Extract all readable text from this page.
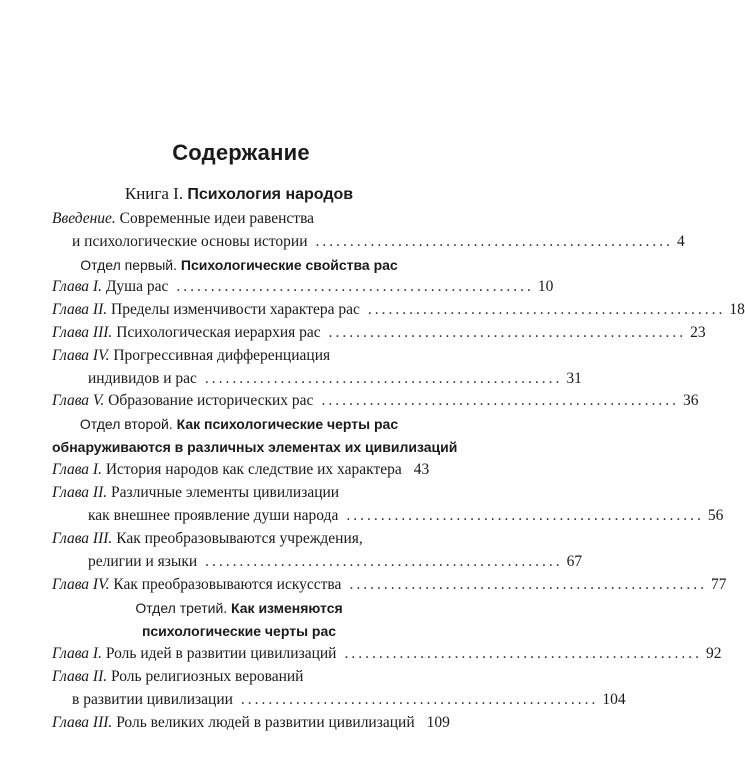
Содержание
Книга I. Психология народов
Введение. Современные идеи равенства
и психологические основы истории .................................................... 4
Отдел первый. Психологические свойства рас
Глава I. Душа рас .................................................... 10
Глава II. Пределы изменчивости характера рас .................................................... 18
Глава III. Психологическая иерархия рас .................................................... 23
Глава IV. Прогрессивная дифференциация
индивидов и рас .................................................... 31
Глава V. Образование исторических рас .................................................... 36
Отдел второй. Как психологические черты рас
обнаруживаются в различных элементах их цивилизаций
Глава I. История народов как следствие их характера 43
Глава II. Различные элементы цивилизации
как внешнее проявление души народа .................................................... 56
Глава III. Как преобразовываются учреждения,
религии и языки .................................................... 67
Глава IV. Как преобразовываются искусства .................................................... 77
Отдел третий. Как изменяются
психологические черты рас
Глава I. Роль идей в развитии цивилизаций .................................................... 92
Глава II. Роль религиозных верований
в развитии цивилизации .................................................... 104
Глава III. Роль великих людей в развитии цивилизаций 109
